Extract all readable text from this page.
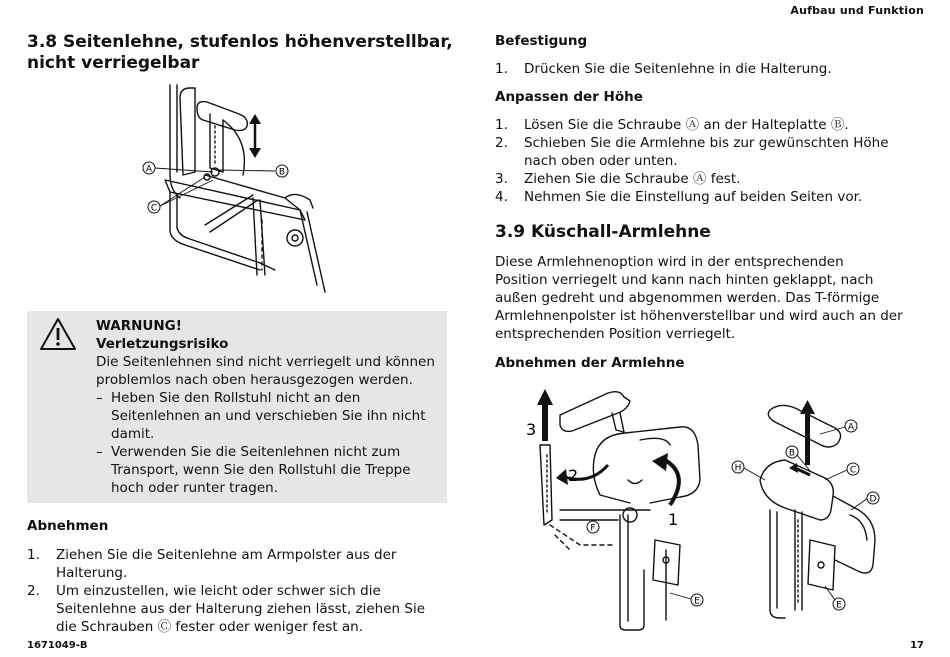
Aufbau und Funktion
3.8 Seitenlehne, stufenlos höhenverstellbar,
nicht verriegelbar
A	B
C
WARNUNG!
Verletzungsrisiko
Die Seitenlehnen sind nicht verriegelt und können
problemlos nach oben herausgezogen werden.
– Heben Sie den Rollstuhl nicht an den
Seitenlehnen an und verschieben Sie ihn nicht
damit.
– Verwenden Sie die Seitenlehnen nicht zum
Transport, wenn Sie den Rollstuhl die Treppe
hoch oder runter tragen.
Abnehmen
1. Ziehen Sie die Seitenlehne am Armpolster aus der
Halterung.
2. Um einzustellen, wie leicht oder schwer sich die
Seitenlehne aus der Halterung ziehen lässt, ziehen Sie
die Schrauben Ⓒ fester oder weniger fest an.
Befestigung
1. Drücken Sie die Seitenlehne in die Halterung.
Anpassen der Höhe
1. Lösen Sie die Schraube Ⓐ an der Halteplatte Ⓑ.
2. Schieben Sie die Armlehne bis zur gewünschten Höhe
nach oben oder unten.
3. Ziehen Sie die Schraube Ⓐ fest.
4. Nehmen Sie die Einstellung auf beiden Seiten vor.
3.9 Küschall-Armlehne

Diese Armlehnenoption wird in der entsprechenden

Position verriegelt und kann nach hinten geklappt, nach

außen gedreht und abgenommen werden. Das T-förmige

Armlehnenpolster ist höhenverstellbar und wird auch an der

entsprechenden Position verriegelt.

Abnehmen der Armlehne
3
2
1
F
E
A
B
C
D
H
E
1671049-B	17
